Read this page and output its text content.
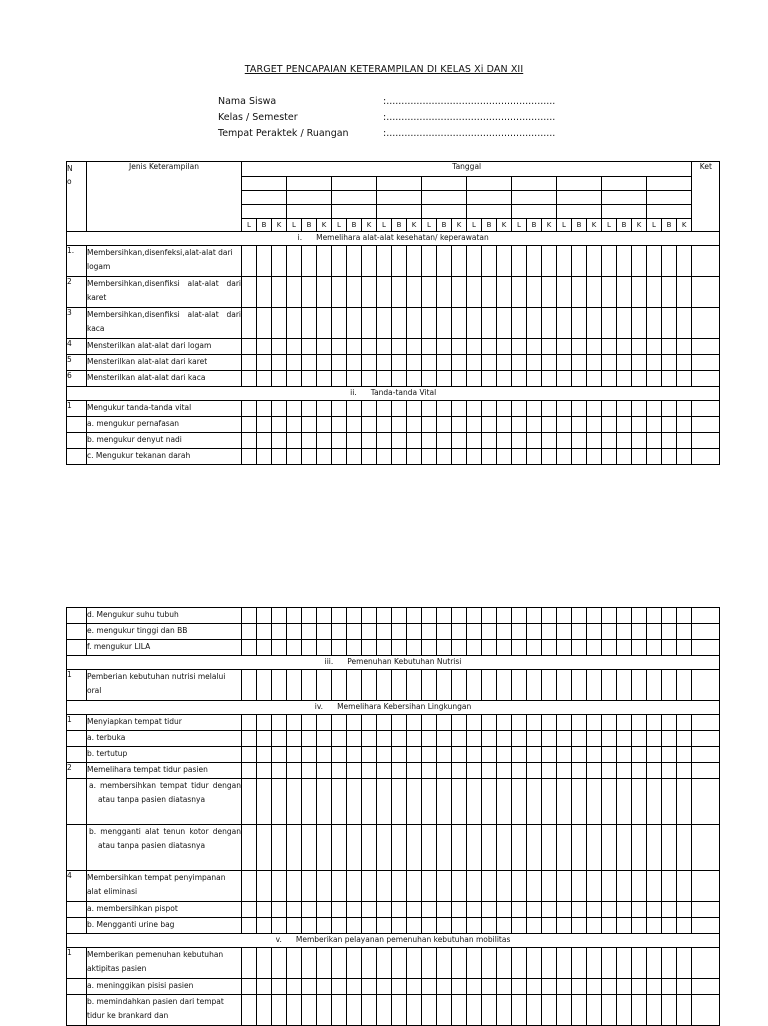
TARGET PENCAPAIAN KETERAMPILAN DI KELAS Xi DAN XII
Nama Siswa	:........................................................
Kelas / Semester	:........................................................
Tempat Peraktek / Ruangan	:........................................................
N o	Jenis Keterampilan	Tanggal																														Ket

		L	B	K	L	B	K	L	B	K	L	B	K	L	B	K	L	B	K	L	B	K	L	B	K	L	B	K	L	B	K	
i. Memelihara alat-alat kesehatan/ keperawatan																																
1.	Membersihkan,disenfeksi,alat-alat dari logam																															
2	Membersihkan,disenfiksi alat-alat dari karet																															
3	Membersihkan,disenfiksi alat-alat dari kaca																															
4	Mensterilkan alat-alat dari logam																															
5	Mensterilkan alat-alat dari karet																															
6	Mensterilkan alat-alat dari kaca																															
ii. Tanda-tanda Vital																																
1	Mengukur tanda-tanda vital																															
	a. mengukur pernafasan																															
	b. mengukur denyut nadi																															
	c. Mengukur tekanan darah																															
	d. Mengukur suhu tubuh																															
	e. mengukur tinggi dan BB																															
	f. mengukur LILA																															
iii. Pemenuhan Kebutuhan Nutrisi																																
1	Pemberian kebutuhan nutrisi melalui oral																															
iv. Memelihara Kebersihan Lingkungan																																
1	Menyiapkan tempat tidur																															
	a. terbuka																															
	b. tertutup																															
2	Memelihara tempat tidur pasien																															
	a. membersihkan tempat tidur dengan atau tanpa pasien diatasnya																															
	b. mengganti alat tenun kotor dengan atau tanpa pasien diatasnya																															
4	Membersihkan tempat penyimpanan alat eliminasi																															
	a. membersihkan pispot																															
	b. Mengganti urine bag																															
v. Memberikan pelayanan pemenuhan kebutuhan mobilitas																																
1	Memberikan pemenuhan kebutuhan aktipitas pasien																															
	a. meninggikan pisisi pasien																															
	b. memindahkan pasien dari tempat tidur ke brankard dan																															
